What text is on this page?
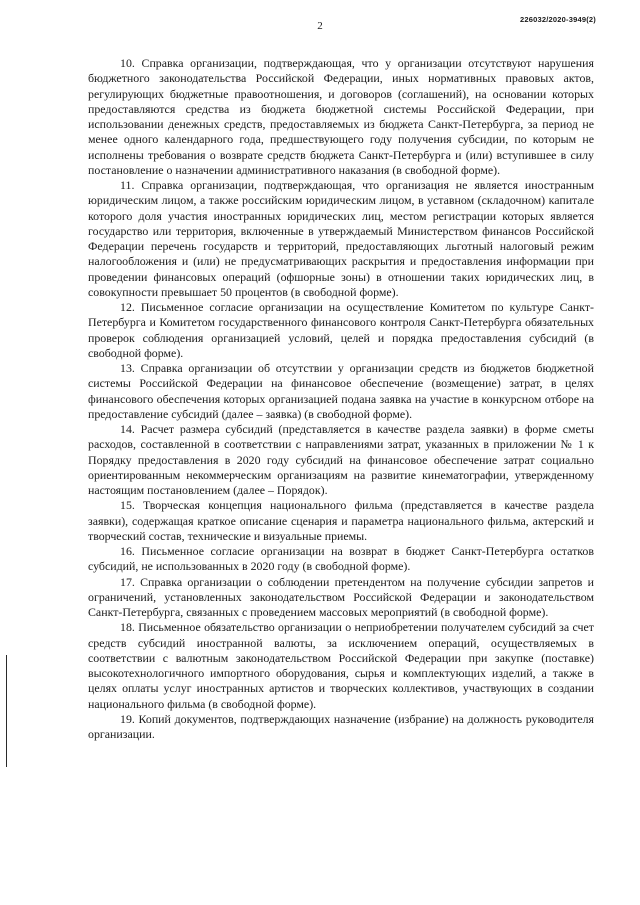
2
226032/2020-3949(2)

10. Справка организации, подтверждающая, что у организации отсутствуют нарушения бюджетного законодательства Российской Федерации, иных нормативных правовых актов, регулирующих бюджетные правоотношения, и договоров (соглашений), на основании которых предоставляются средства из бюджета бюджетной системы Российской Федерации, при использовании денежных средств, предоставляемых из бюджета Санкт-Петербурга, за период не менее одного календарного года, предшествующего году получения субсидии, по которым не исполнены требования о возврате средств бюджета Санкт-Петербурга и (или) вступившее в силу постановление о назначении административного наказания (в свободной форме).

11. Справка организации, подтверждающая, что организация не является иностранным юридическим лицом, а также российским юридическим лицом, в уставном (складочном) капитале которого доля участия иностранных юридических лиц, местом регистрации которых является государство или территория, включенные в утверждаемый Министерством финансов Российской Федерации перечень государств и территорий, предоставляющих льготный налоговый режим налогообложения и (или) не предусматривающих раскрытия и предоставления информации при проведении финансовых операций (офшорные зоны) в отношении таких юридических лиц, в совокупности превышает 50 процентов (в свободной форме).

12. Письменное согласие организации на осуществление Комитетом по культуре Санкт-Петербурга и Комитетом государственного финансового контроля Санкт-Петербурга обязательных проверок соблюдения организацией условий, целей и порядка предоставления субсидий (в свободной форме).

13. Справка организации об отсутствии у организации средств из бюджетов бюджетной системы Российской Федерации на финансовое обеспечение (возмещение) затрат, в целях финансового обеспечения которых организацией подана заявка на участие в конкурсном отборе на предоставление субсидий (далее – заявка) (в свободной форме).

14. Расчет размера субсидий (представляется в качестве раздела заявки) в форме сметы расходов, составленной в соответствии с направлениями затрат, указанных в приложении № 1 к Порядку предоставления в 2020 году субсидий на финансовое обеспечение затрат социально ориентированным некоммерческим организациям на развитие кинематографии, утвержденному настоящим постановлением (далее – Порядок).

15. Творческая концепция национального фильма (представляется в качестве раздела заявки), содержащая краткое описание сценария и параметра национального фильма, актерский и творческий состав, технические и визуальные приемы.

16. Письменное согласие организации на возврат в бюджет Санкт-Петербурга остатков субсидий, не использованных в 2020 году (в свободной форме).

17. Справка организации о соблюдении претендентом на получение субсидии запретов и ограничений, установленных законодательством Российской Федерации и законодательством Санкт-Петербурга, связанных с проведением массовых мероприятий (в свободной форме).

18. Письменное обязательство организации о неприобретении получателем субсидий за счет средств субсидий иностранной валюты, за исключением операций, осуществляемых в соответствии с валютным законодательством Российской Федерации при закупке (поставке) высокотехнологичного импортного оборудования, сырья и комплектующих изделий, а также в целях оплаты услуг иностранных артистов и творческих коллективов, участвующих в создании национального фильма (в свободной форме).

19. Копий документов, подтверждающих назначение (избрание) на должность руководителя организации.
